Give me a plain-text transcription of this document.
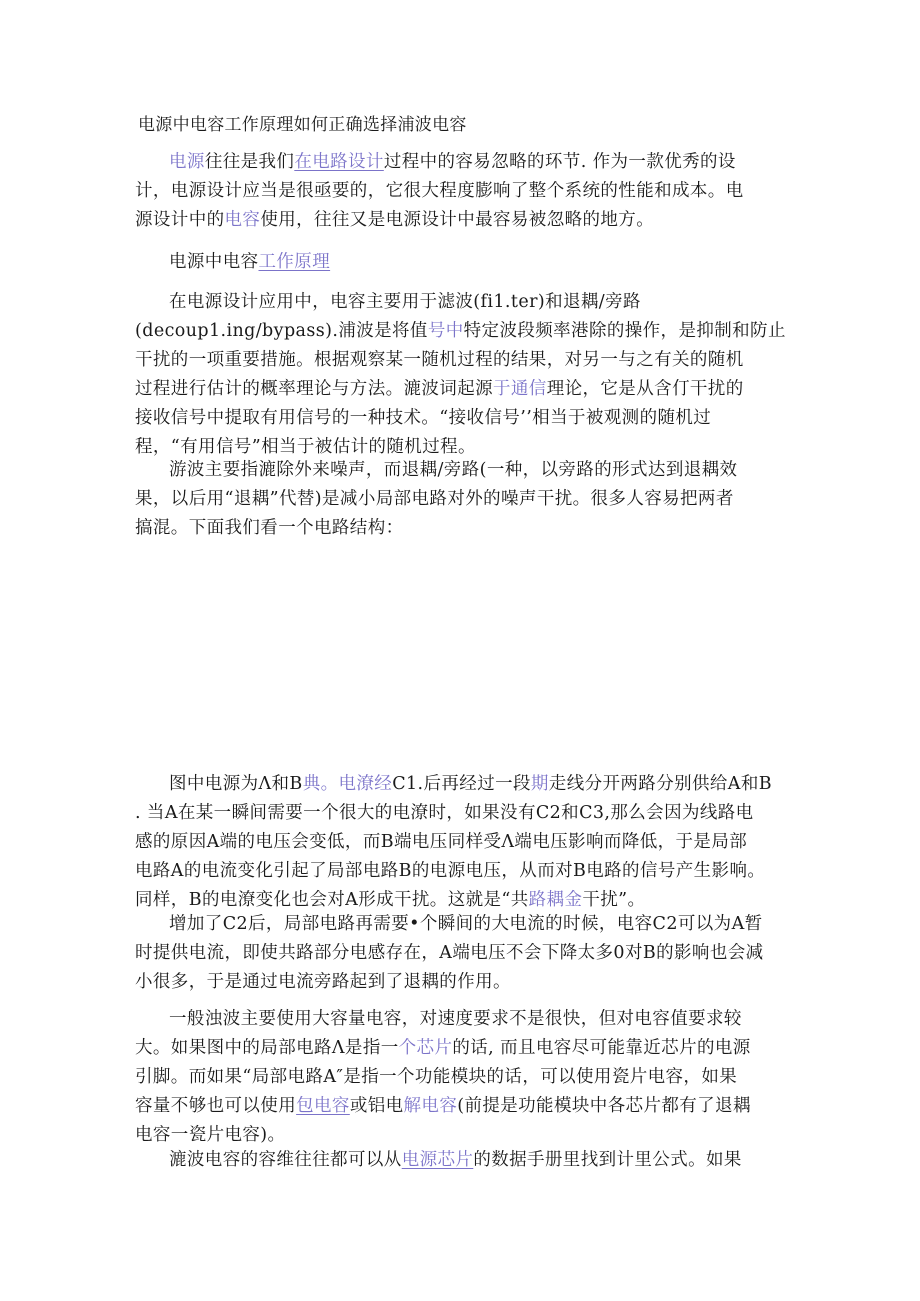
电源中电容工作原理如何正确选择浦波电容
电源往往是我们在电路设计过程中的容易忽略的环节. 作为一款优秀的设
计，电源设计应当是很亟要的，它很大程度膨响了整个系统的性能和成本。电
源设计中的电容使用，往往又是电源设计中最容易被忽略的地方。
电源中电容工作原理
在电源设计应用中，电容主要用于滤波(fi1.ter)和退耦/旁路
(decoup1.ing/bypass).浦波是将值号中特定波段频率港除的操作，是抑制和防止
干扰的一项重要措施。根据观察某一随机过程的结果，对另一与之有关的随机
过程进行估计的概率理论与方法。漉波词起源于通信理论，它是从含仃干扰的
接收信号中提取有用信号的一种技术。“接收信号’’相当于被观测的随机过
程，“有用信号”相当于被估计的随机过程。
游波主要指漉除外来噪声，而退耦/旁路(一种，以旁路的形式达到退耦效
果，以后用“退耦”代替)是减小局部电路对外的噪声干扰。很多人容易把两者
搞混。下面我们看一个电路结构：
图中电源为Λ和B典。电潦经C1.后再经过一段期走线分开两路分别供给A和B
. 当A在某一瞬间需要一个很大的电潦时，如果没有C2和C3,那么会因为线路电
感的原因A端的电压会变低，而B端电压同样受Λ端电压影响而降低，于是局部
电路A的电流变化引起了局部电路B的电源电压，从而对B电路的信号产生影响。
同样，B的电潦变化也会对A形成干扰。这就是“共路耦金干扰”。
增加了C2后，局部电路再需要•个瞬间的大电流的时候，电容C2可以为A暂
时提供电流，即使共路部分电感存在，A端电压不会下降太多0对B的影响也会减
小很多，于是通过电流旁路起到了退耦的作用。
一般浊波主要使用大容量电容，对速度要求不是很快，但对电容值要求较
大。如果图中的局部电路Λ是指一个芯片的话, 而且电容尽可能靠近芯片的电源
引脚。而如果“局部电路A″是指一个功能模块的话，可以使用瓷片电容，如果
容量不够也可以使用包电容或铝电解电容(前提是功能模块中各芯片都有了退耦
电容一瓷片电容)。
漉波电容的容维往往都可以从电源芯片的数据手册里找到计里公式。如果
